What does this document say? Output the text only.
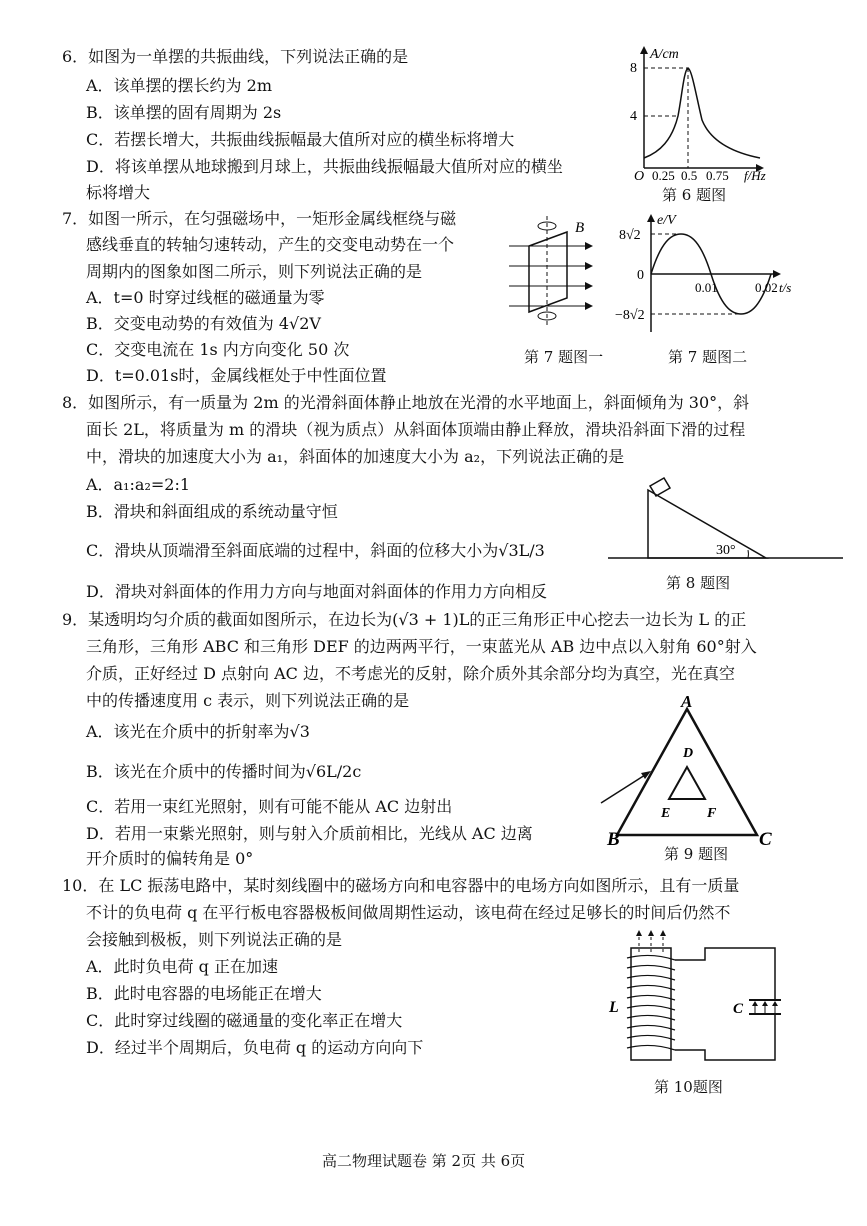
6．如图为一单摆的共振曲线，下列说法正确的是
A．该单摆的摆长约为 2m
B．该单摆的固有周期为 2s
C．若摆长增大，共振曲线振幅最大值所对应的横坐标将增大
D．将该单摆从地球搬到月球上，共振曲线振幅最大值所对应的横坐
标将增大
A/cm
8
4
O 0.25 0.5 0.75 f/Hz
第 6 题图
7．如图一所示，在匀强磁场中，一矩形金属线框绕与磁
感线垂直的转轴匀速转动，产生的交变电动势在一个
周期内的图象如图二所示，则下列说法正确的是
A．t=0 时穿过线框的磁通量为零
B．交变电动势的有效值为 4√2V
C．交变电流在 1s 内方向变化 50 次
D．t=0.01s时，金属线框处于中性面位置
B	e/V
8√2
0
−8√2
0.01	0.02 t/s
第 7 题图一	第 7 题图二
8．如图所示，有一质量为 2m 的光滑斜面体静止地放在光滑的水平地面上，斜面倾角为 30°，斜
面长 2L，将质量为 m 的滑块（视为质点）从斜面体顶端由静止释放，滑块沿斜面下滑的过程
中，滑块的加速度大小为 a₁，斜面体的加速度大小为 a₂，下列说法正确的是
A．a₁:a₂=2:1
B．滑块和斜面组成的系统动量守恒
C．滑块从顶端滑至斜面底端的过程中，斜面的位移大小为√3L/3
D．滑块对斜面体的作用力方向与地面对斜面体的作用力方向相反
30°
第 8 题图
9．某透明均匀介质的截面如图所示，在边长为(√3 + 1)L的正三角形正中心挖去一边长为 L 的正
三角形，三角形 ABC 和三角形 DEF 的边两两平行，一束蓝光从 AB 边中点以入射角 60°射入
介质，正好经过 D 点射向 AC 边，不考虑光的反射，除介质外其余部分均为真空，光在真空
中的传播速度用 c 表示，则下列说法正确的是
A．该光在介质中的折射率为√3
B．该光在介质中的传播时间为√6L/2c
C．若用一束红光照射，则有可能不能从 AC 边射出
D．若用一束紫光照射，则与射入介质前相比，光线从 AC 边离
开介质时的偏转角是 0°
A
B	C
D
E	F
第 9 题图
10．在 LC 振荡电路中，某时刻线圈中的磁场方向和电容器中的电场方向如图所示，且有一质量
不计的负电荷 q 在平行板电容器极板间做周期性运动，该电荷在经过足够长的时间后仍然不
会接触到极板，则下列说法正确的是
A．此时负电荷 q 正在加速
B．此时电容器的电场能正在增大
C．此时穿过线圈的磁通量的变化率正在增大
D．经过半个周期后，负电荷 q 的运动方向向下
L	C
第 10题图
高二物理试题卷 第 2页 共 6页
